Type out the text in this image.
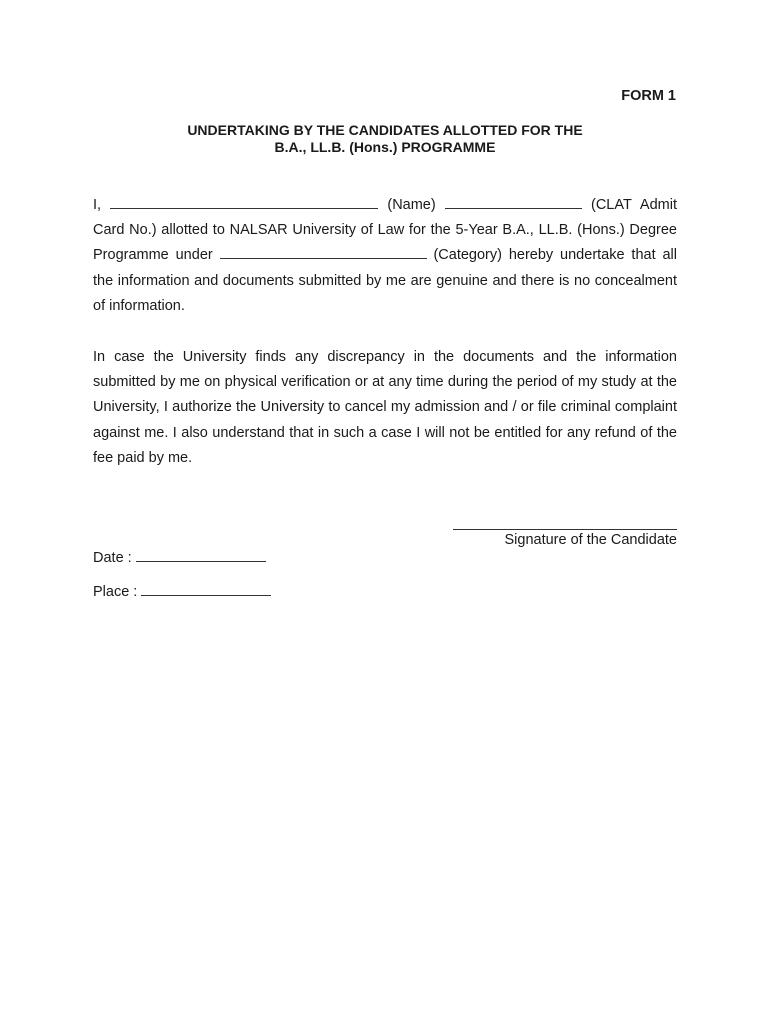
FORM 1
UNDERTAKING BY THE CANDIDATES ALLOTTED FOR THE
B.A., LL.B. (Hons.) PROGRAMME
I,	(Name)	(CLAT Admit Card No.) allotted to NALSAR University of Law for the 5-Year B.A., LL.B. (Hons.) Degree Programme under	(Category) hereby undertake that all the information and documents submitted by me are genuine and there is no concealment of information.
In case the University finds any discrepancy in the documents and the information submitted by me on physical verification or at any time during the period of my study at the University, I authorize the University to cancel my admission and / or file criminal complaint against me. I also understand that in such a case I will not be entitled for any refund of the fee paid by me.
Signature of the Candidate
Date :
Place :
